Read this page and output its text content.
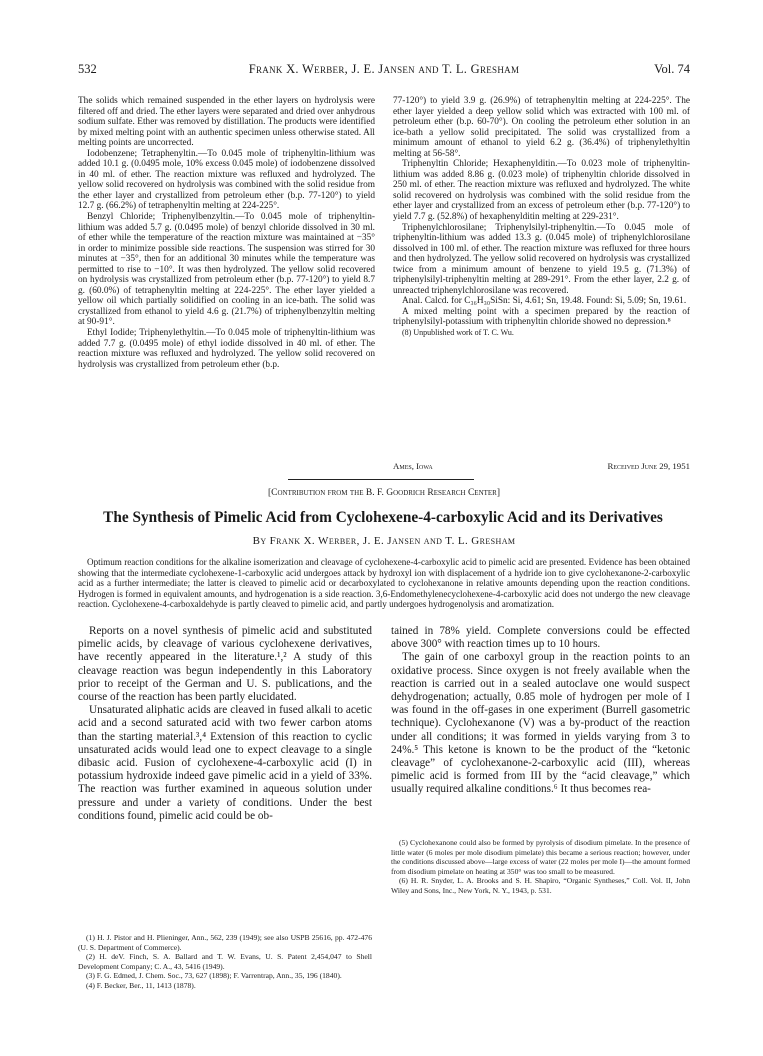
532	Frank X. Werber, J. E. Jansen and T. L. Gresham	Vol. 74

The solids which remained suspended in the ether layers on hydrolysis were filtered off and dried. The ether layers were separated and dried over anhydrous sodium sulfate. Ether was removed by distillation. The products were identified by mixed melting point with an authentic specimen unless otherwise stated. All melting points are uncorrected.

Iodobenzene; Tetraphenyltin.—To 0.045 mole of triphenyltin-lithium was added 10.1 g. (0.0495 mole, 10% excess 0.045 mole) of iodobenzene dissolved in 40 ml. of ether. The reaction mixture was refluxed and hydrolyzed. The yellow solid recovered on hydrolysis was combined with the solid residue from the ether layer and crystallized from petroleum ether (b.p. 77-120°) to yield 12.7 g. (66.2%) of tetraphenyltin melting at 224-225°.

Benzyl Chloride; Triphenylbenzyltin.—To 0.045 mole of triphenyltin-lithium was added 5.7 g. (0.0495 mole) of benzyl chloride dissolved in 30 ml. of ether while the temperature of the reaction mixture was maintained at −35° in order to minimize possible side reactions. The suspension was stirred for 30 minutes at −35°, then for an additional 30 minutes while the temperature was permitted to rise to −10°. It was then hydrolyzed. The yellow solid recovered on hydrolysis was crystallized from petroleum ether (b.p. 77-120°) to yield 8.7 g. (60.0%) of tetraphenyltin melting at 224-225°. The ether layer yielded a yellow oil which partially solidified on cooling in an ice-bath. The solid was crystallized from ethanol to yield 4.6 g. (21.7%) of triphenylbenzyltin melting at 90-91°.

Ethyl Iodide; Triphenylethyltin.—To 0.045 mole of triphenyltin-lithium was added 7.7 g. (0.0495 mole) of ethyl iodide dissolved in 40 ml. of ether. The reaction mixture was refluxed and hydrolyzed. The yellow solid recovered on hydrolysis was crystallized from petroleum ether (b.p.

77-120°) to yield 3.9 g. (26.9%) of tetraphenyltin melting at 224-225°. The ether layer yielded a deep yellow solid which was extracted with 100 ml. of petroleum ether (b.p. 60-70°). On cooling the petroleum ether solution in an ice-bath a yellow solid precipitated. The solid was crystallized from a minimum amount of ethanol to yield 6.2 g. (36.4%) of triphenylethyltin melting at 56-58°.

Triphenyltin Chloride; Hexaphenylditin.—To 0.023 mole of triphenyltin-lithium was added 8.86 g. (0.023 mole) of triphenyltin chloride dissolved in 250 ml. of ether. The reaction mixture was refluxed and hydrolyzed. The white solid recovered on hydrolysis was combined with the solid residue from the ether layer and crystallized from an excess of petroleum ether (b.p. 77-120°) to yield 7.7 g. (52.8%) of hexaphenylditin melting at 229-231°.

Triphenylchlorosilane; Triphenylsilyl-triphenyltin.—To 0.045 mole of triphenyltin-lithium was added 13.3 g. (0.045 mole) of triphenylchlorosilane dissolved in 100 ml. of ether. The reaction mixture was refluxed for three hours and then hydrolyzed. The yellow solid recovered on hydrolysis was crystallized twice from a minimum amount of benzene to yield 19.5 g. (71.3%) of triphenylsilyl-triphenyltin melting at 289-291°. From the ether layer, 2.2 g. of unreacted triphenylchlorosilane was recovered.

Anal. Calcd. for C₃₆H₃₀SiSn: Si, 4.61; Sn, 19.48. Found: Si, 5.09; Sn, 19.61.

A mixed melting point with a specimen prepared by the reaction of triphenylsilyl-potassium with triphenyltin chloride showed no depression.⁸

(8) Unpublished work of T. C. Wu.

Ames, Iowa	Received June 29, 1951
[Contribution from the B. F. Goodrich Research Center]
The Synthesis of Pimelic Acid from Cyclohexene-4-carboxylic Acid and its Derivatives
By Frank X. Werber, J. E. Jansen and T. L. Gresham
Optimum reaction conditions for the alkaline isomerization and cleavage of cyclohexene-4-carboxylic acid to pimelic acid are presented. Evidence has been obtained showing that the intermediate cyclohexene-1-carboxylic acid undergoes attack by hydroxyl ion with displacement of a hydride ion to give cyclohexanone-2-carboxylic acid as a further intermediate; the latter is cleaved to pimelic acid or decarboxylated to cyclohexanone in relative amounts depending upon the reaction conditions. Hydrogen is formed in equivalent amounts, and hydrogenation is a side reaction. 3,6-Endomethylenecyclohexene-4-carboxylic acid does not undergo the new cleavage reaction. Cyclohexene-4-carboxaldehyde is partly cleaved to pimelic acid, and partly undergoes hydrogenolysis and aromatization.

Reports on a novel synthesis of pimelic acid and substituted pimelic acids, by cleavage of various cyclohexene derivatives, have recently appeared in the literature.¹,² A study of this cleavage reaction was begun independently in this Laboratory prior to receipt of the German and U. S. publications, and the course of the reaction has been partly elucidated.

Unsaturated aliphatic acids are cleaved in fused alkali to acetic acid and a second saturated acid with two fewer carbon atoms than the starting material.³,⁴ Extension of this reaction to cyclic unsaturated acids would lead one to expect cleavage to a single dibasic acid. Fusion of cyclohexene-4-carboxylic acid (I) in potassium hydroxide indeed gave pimelic acid in a yield of 33%. The reaction was further examined in aqueous solution under pressure and under a variety of conditions. Under the best conditions found, pimelic acid could be ob-

tained in 78% yield. Complete conversions could be effected above 300° with reaction times up to 10 hours.

The gain of one carboxyl group in the reaction points to an oxidative process. Since oxygen is not freely available when the reaction is carried out in a sealed autoclave one would suspect dehydrogenation; actually, 0.85 mole of hydrogen per mole of I was found in the off-gases in one experiment (Burrell gasometric technique). Cyclohexanone (V) was a by-product of the reaction under all conditions; it was formed in yields varying from 3 to 24%.⁵ This ketone is known to be the product of the “ketonic cleavage” of cyclohexanone-2-carboxylic acid (III), whereas pimelic acid is formed from III by the “acid cleavage,” which usually required alkaline conditions.⁶ It thus becomes rea-

(1) H. J. Pistor and H. Plieninger, Ann., 562, 239 (1949); see also USPB 25616, pp. 472-476 (U. S. Department of Commerce).

(2) H. deV. Finch, S. A. Ballard and T. W. Evans, U. S. Patent 2,454,047 to Shell Development Company; C. A., 43, 5416 (1949).

(3) F. G. Edmed, J. Chem. Soc., 73, 627 (1898); F. Varrentrap, Ann., 35, 196 (1840).

(4) F. Becker, Ber., 11, 1413 (1878).

(5) Cyclohexanone could also be formed by pyrolysis of disodium pimelate. In the presence of little water (6 moles per mole disodium pimelate) this became a serious reaction; however, under the conditions discussed above—large excess of water (22 moles per mole I)—the amount formed from disodium pimelate on heating at 350° was too small to be measured.

(6) H. R. Snyder, L. A. Brooks and S. H. Shapiro, “Organic Syntheses,” Coll. Vol. II, John Wiley and Sons, Inc., New York, N. Y., 1943, p. 531.
